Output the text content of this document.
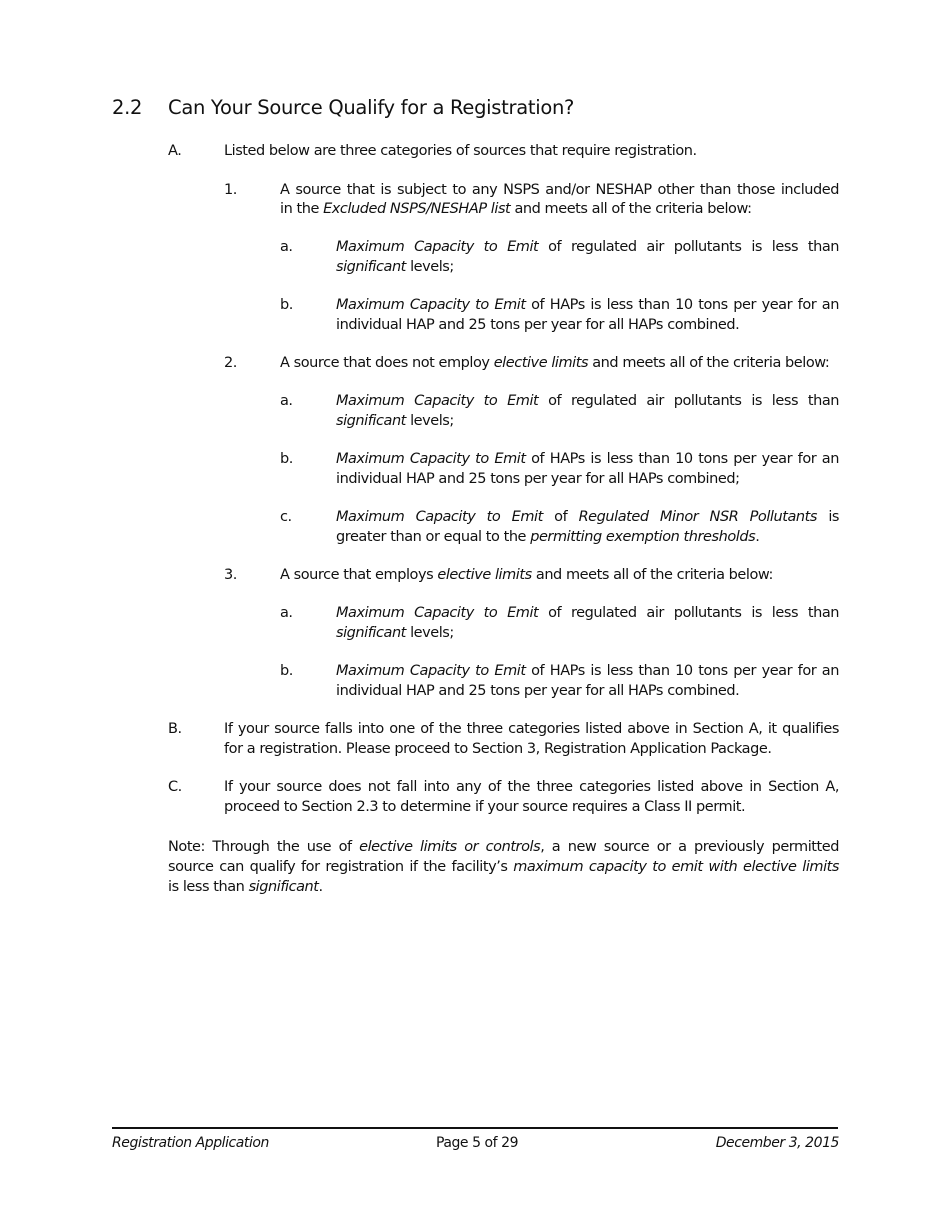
2.2 Can Your Source Qualify for a Registration?
A.	Listed below are three categories of sources that require registration.
1.	A source that is subject to any NSPS and/or NESHAP other than those included
in the Excluded NSPS/NESHAP list and meets all of the criteria below:
a.	Maximum Capacity to Emit of regulated air pollutants is less than
significant levels;
b.	Maximum Capacity to Emit of HAPs is less than 10 tons per year for an
individual HAP and 25 tons per year for all HAPs combined.
2.	A source that does not employ elective limits and meets all of the criteria below:
a.	Maximum Capacity to Emit of regulated air pollutants is less than
significant levels;
b.	Maximum Capacity to Emit of HAPs is less than 10 tons per year for an
individual HAP and 25 tons per year for all HAPs combined;
c.	Maximum Capacity to Emit of Regulated Minor NSR Pollutants is
greater than or equal to the permitting exemption thresholds.
3.	A source that employs elective limits and meets all of the criteria below:
a.	Maximum Capacity to Emit of regulated air pollutants is less than
significant levels;
b.	Maximum Capacity to Emit of HAPs is less than 10 tons per year for an
individual HAP and 25 tons per year for all HAPs combined.
B.	If your source falls into one of the three categories listed above in Section A, it qualifies
for a registration. Please proceed to Section 3, Registration Application Package.
C.	If your source does not fall into any of the three categories listed above in Section A,
proceed to Section 2.3 to determine if your source requires a Class II permit.
Note: Through the use of elective limits or controls, a new source or a previously permitted
source can qualify for registration if the facility’s maximum capacity to emit with elective limits
is less than significant.
Registration Application	Page 5 of 29	December 3, 2015
